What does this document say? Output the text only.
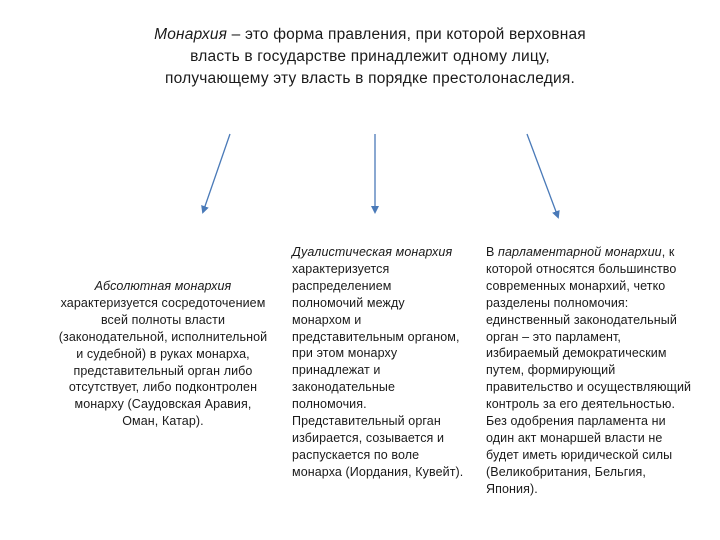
Монархия – это форма правления, при которой верховная власть в государстве принадлежит одному лицу, получающему эту власть в порядке престолонаследия.
Абсолютная монархия характеризуется сосредоточением всей полноты власти (законодательной, исполнительной и судебной) в руках монарха, представительный орган либо отсутствует, либо подконтролен монарху (Саудовская Аравия, Оман, Катар).
Дуалистическая монархия характеризуется распределением полномочий между монархом и представительным органом, при этом монарху принадлежат и законодательные полномочия. Представительный орган избирается, созывается и распускается по воле монарха (Иордания, Кувейт).
В парламентарной монархии, к которой относятся большинство современных монархий, четко разделены полномочия: единственный законодательный орган – это парламент, избираемый демократическим путем, формирующий правительство и осуществляющий контроль за его деятельностью. Без одобрения парламента ни один акт монаршей власти не будет иметь юридической силы (Великобритания, Бельгия, Япония).
